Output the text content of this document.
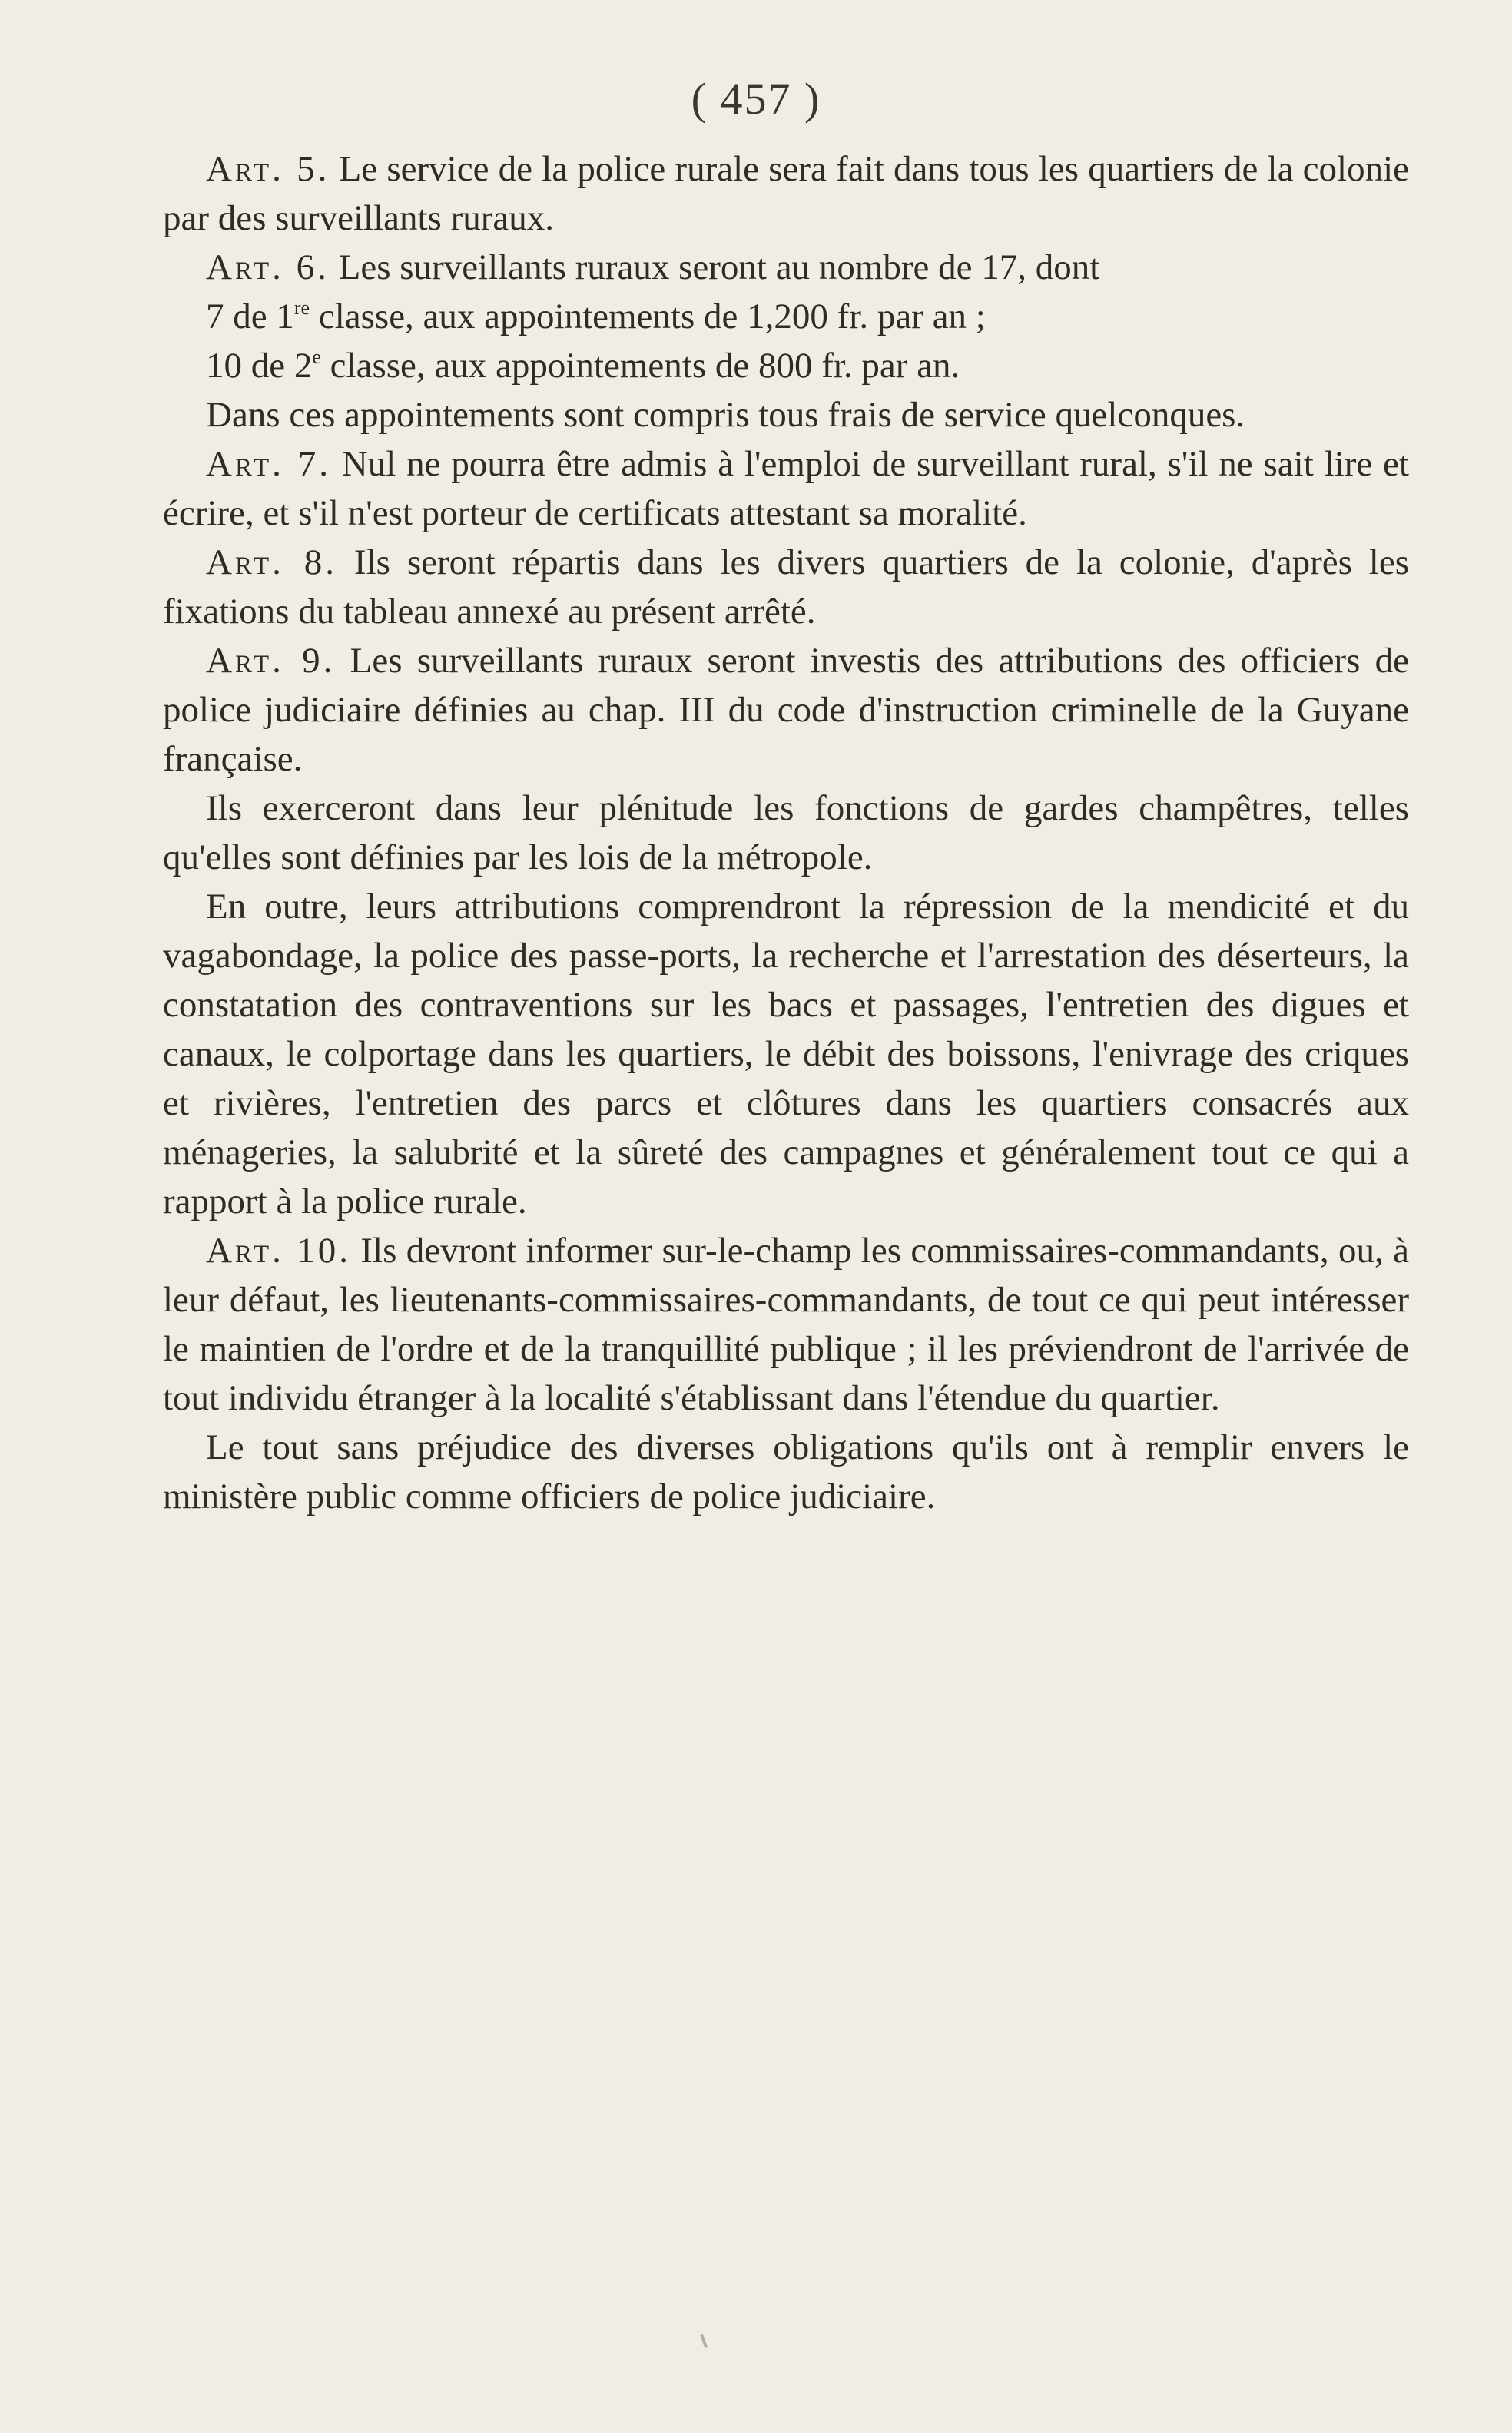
( 457 )

Art. 5. Le service de la police rurale sera fait dans tous les quartiers de la colonie par des surveillants ruraux.

Art. 6. Les surveillants ruraux seront au nombre de 17, dont

7 de 1re classe, aux appointements de 1,200 fr. par an ;

10 de 2e classe, aux appointements de 800 fr. par an.

Dans ces appointements sont compris tous frais de service quelconques.

Art. 7. Nul ne pourra être admis à l'emploi de surveillant rural, s'il ne sait lire et écrire, et s'il n'est porteur de certificats attestant sa moralité.

Art. 8. Ils seront répartis dans les divers quartiers de la colonie, d'après les fixations du tableau annexé au présent arrêté.

Art. 9. Les surveillants ruraux seront investis des attributions des officiers de police judiciaire définies au chap. III du code d'instruction criminelle de la Guyane française.

Ils exerceront dans leur plénitude les fonctions de gardes champêtres, telles qu'elles sont définies par les lois de la métropole.

En outre, leurs attributions comprendront la répression de la mendicité et du vagabondage, la police des passe-ports, la recherche et l'arrestation des déserteurs, la constatation des contraventions sur les bacs et passages, l'entretien des digues et canaux, le colportage dans les quartiers, le débit des boissons, l'enivrage des criques et rivières, l'entretien des parcs et clôtures dans les quartiers consacrés aux ménageries, la salubrité et la sûreté des campagnes et généralement tout ce qui a rapport à la police rurale.

Art. 10. Ils devront informer sur-le-champ les commissaires-commandants, ou, à leur défaut, les lieutenants-commissaires-commandants, de tout ce qui peut intéresser le maintien de l'ordre et de la tranquillité publique ; il les préviendront de l'arrivée de tout individu étranger à la localité s'établissant dans l'étendue du quartier.

Le tout sans préjudice des diverses obligations qu'ils ont à remplir envers le ministère public comme officiers de police judiciaire.
